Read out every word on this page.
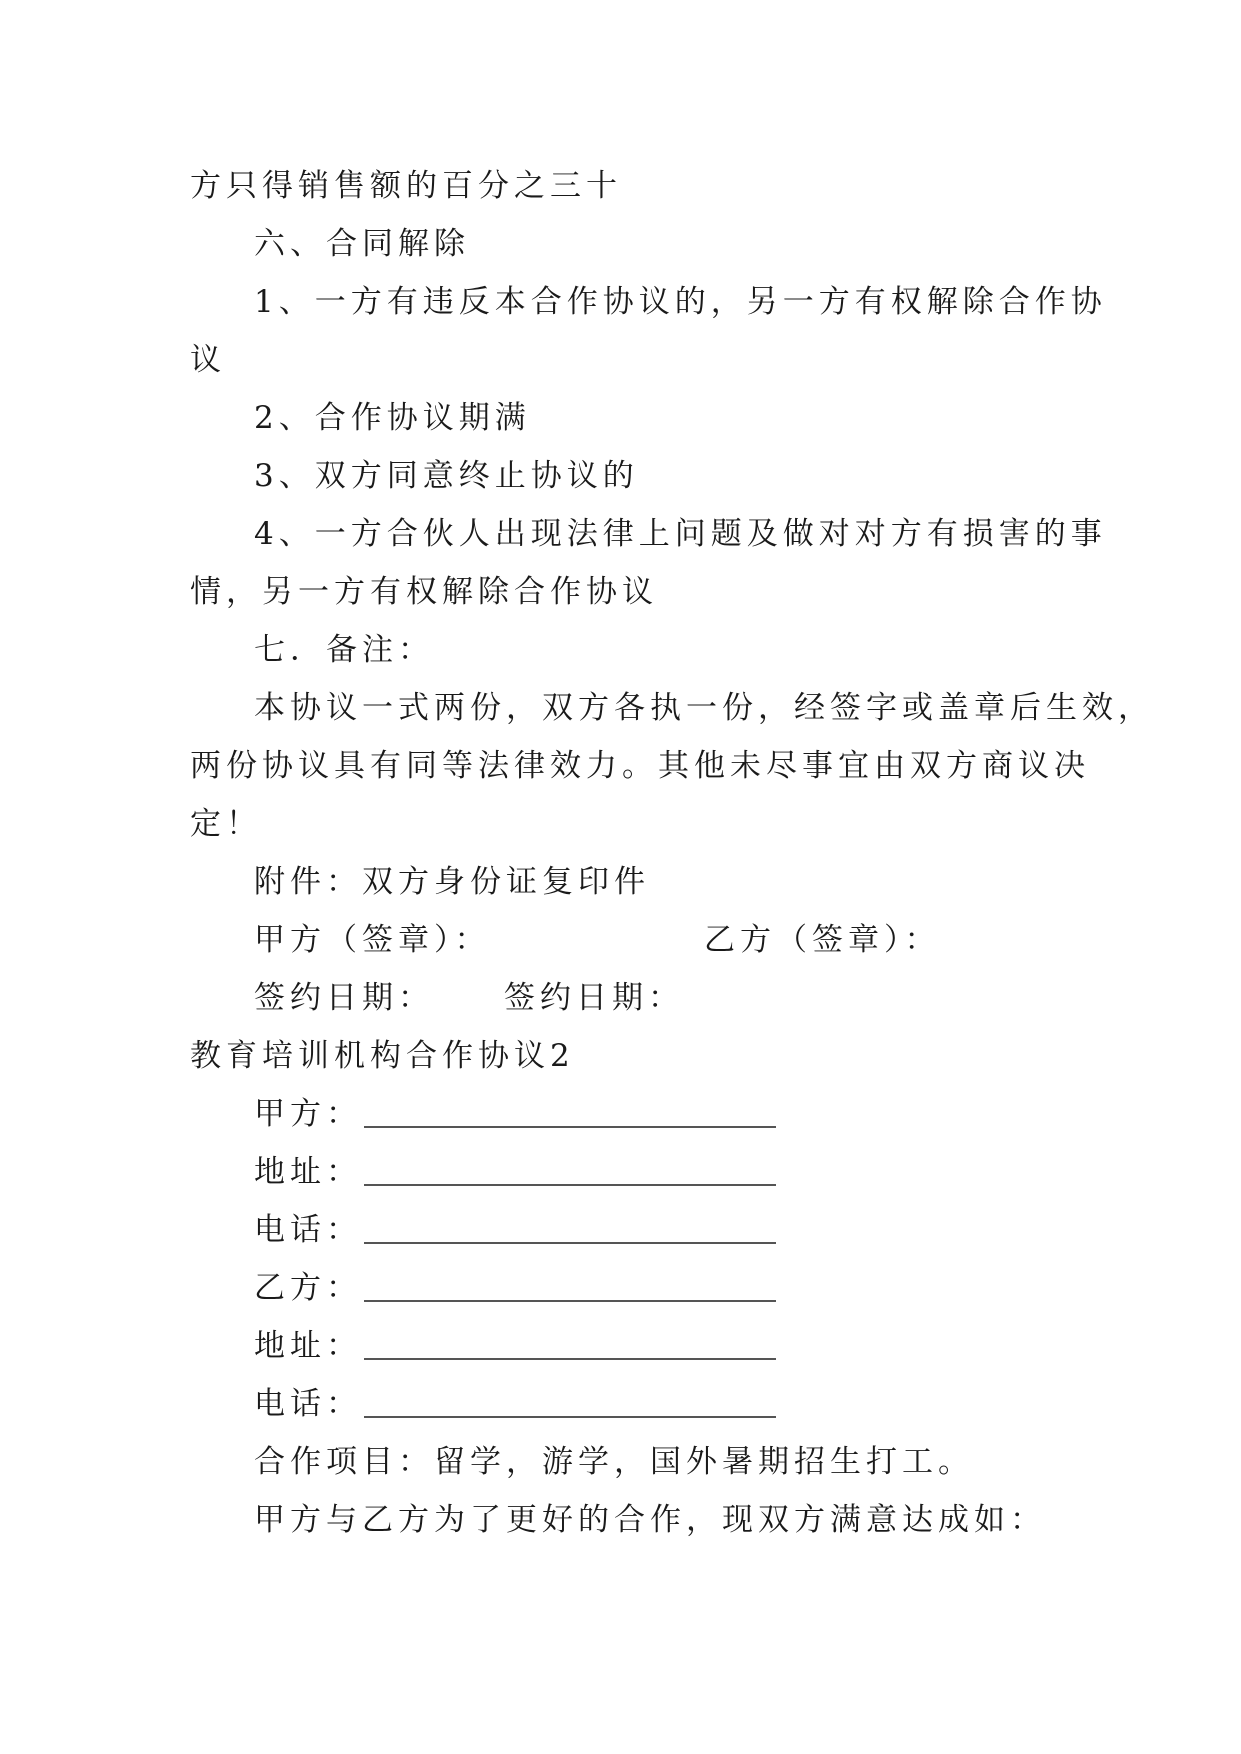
方只得销售额的百分之三十
六、合同解除
1、一方有违反本合作协议的，另一方有权解除合作协
议
2、合作协议期满
3、双方同意终止协议的
4、一方合伙人出现法律上问题及做对对方有损害的事
情，另一方有权解除合作协议
七．备注：
本协议一式两份，双方各执一份，经签字或盖章后生效，
两份协议具有同等法律效力。其他未尽事宜由双方商议决
定！
附件：双方身份证复印件
甲方（签章）：	乙方（签章）：
签约日期： 签约日期：
教育培训机构合作协议2
甲方：
地址：
电话：
乙方：
地址：
电话：
合作项目：留学，游学，国外暑期招生打工。
甲方与乙方为了更好的合作，现双方满意达成如：
